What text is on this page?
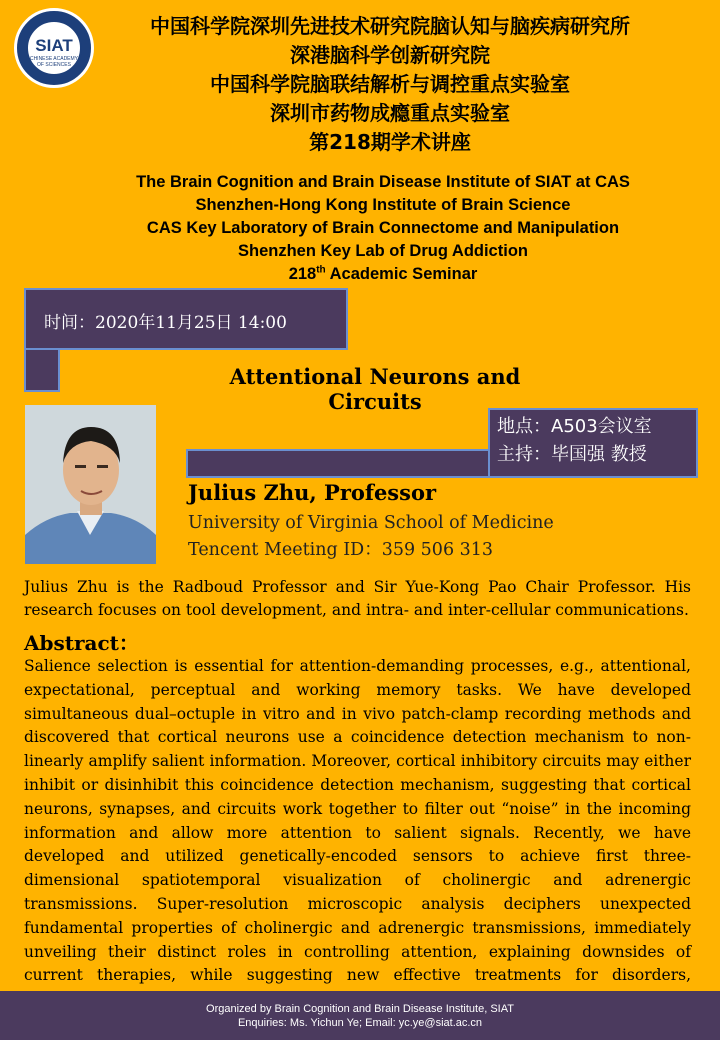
SIAT
CHINESE ACADEMY OF SCIENCES
中国科学院深圳先进技术研究院脑认知与脑疾病研究所
深港脑科学创新研究院
中国科学院脑联结解析与调控重点实验室
深圳市药物成瘾重点实验室
第218期学术讲座
The Brain Cognition and Brain Disease Institute of SIAT at CAS
Shenzhen-Hong Kong Institute of Brain Science
CAS Key Laboratory of Brain Connectome and Manipulation
Shenzhen Key Lab of Drug Addiction
218th Academic Seminar
时间：2020年11月25日 14:00
Attentional Neurons and Circuits
地点：A503会议室
主持：毕国强 教授
Julius Zhu, Professor
University of Virginia School of Medicine
Tencent Meeting ID：359 506 313
Julius Zhu is the Radboud Professor and Sir Yue-Kong Pao Chair Professor. His research focuses on tool development, and intra- and inter-cellular communications.
Abstract：
Salience selection is essential for attention-demanding processes, e.g., attentional, expectational, perceptual and working memory tasks. We have developed simultaneous dual–octuple in vitro and in vivo patch-clamp recording methods and discovered that cortical neurons use a coincidence detection mechanism to non-linearly amplify salient information. Moreover, cortical inhibitory circuits may either inhibit or disinhibit this coincidence detection mechanism, suggesting that cortical neurons, synapses, and circuits work together to filter out “noise” in the incoming information and allow more attention to salient signals. Recently, we have developed and utilized genetically-encoded sensors to achieve first three-dimensional spatiotemporal visualization of cholinergic and adrenergic transmissions. Super-resolution microscopic analysis deciphers unexpected fundamental properties of cholinergic and adrenergic transmissions, immediately unveiling their distinct roles in controlling attention, explaining downsides of current therapies, while suggesting new effective treatments for disorders,
Organized by Brain Cognition and Brain Disease Institute, SIAT
Enquiries: Ms. Yichun Ye; Email: yc.ye@siat.ac.cn
